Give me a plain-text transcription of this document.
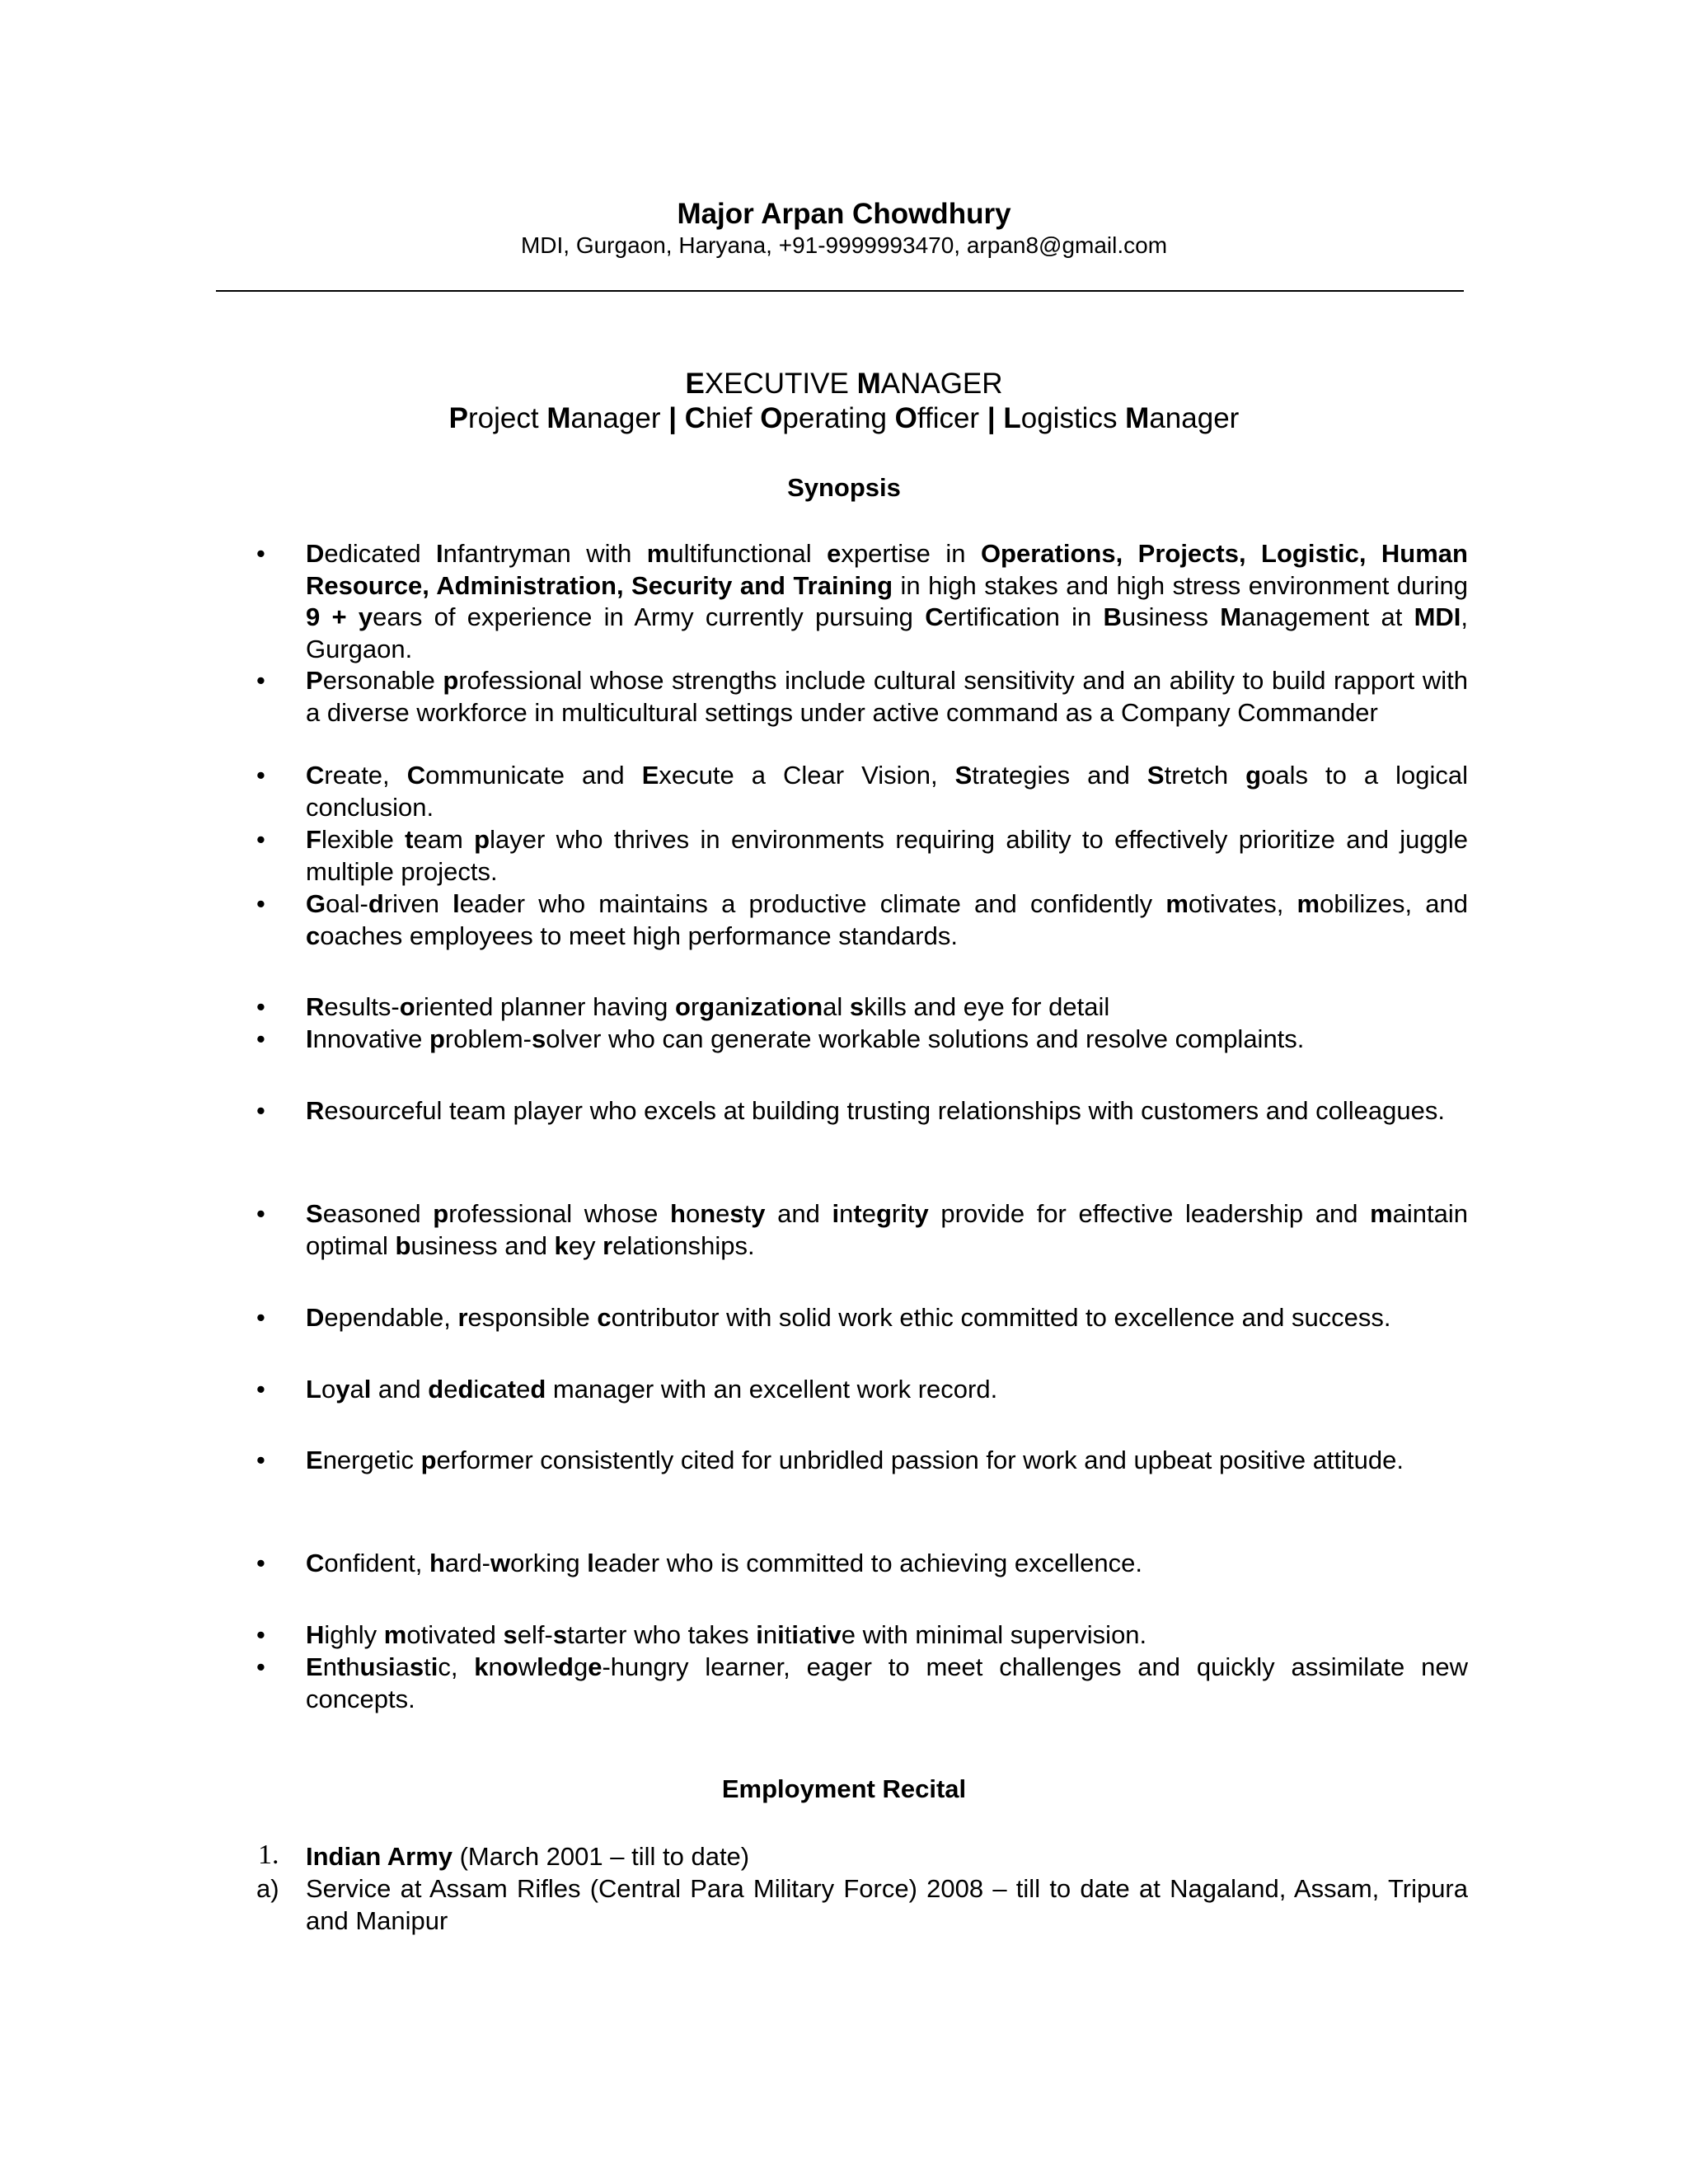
Major Arpan Chowdhury
MDI, Gurgaon, Haryana, +91-9999993470, arpan8@gmail.com
EXECUTIVE MANAGER
Project Manager | Chief Operating Officer | Logistics Manager
Synopsis
• Dedicated Infantryman with multifunctional expertise in Operations, Projects, Logistic, Human Resource, Administration, Security and Training in high stakes and high stress environment during 9 + years of experience in Army currently pursuing Certification in Business Management at MDI, Gurgaon.
• Personable professional whose strengths include cultural sensitivity and an ability to build rapport with a diverse workforce in multicultural settings under active command as a Company Commander
• Create, Communicate and Execute a Clear Vision, Strategies and Stretch goals to a logical conclusion.
• Flexible team player who thrives in environments requiring ability to effectively prioritize and juggle multiple projects.
• Goal-driven leader who maintains a productive climate and confidently motivates, mobilizes, and coaches employees to meet high performance standards.
• Results-oriented planner having organizational skills and eye for detail
• Innovative problem-solver who can generate workable solutions and resolve complaints.
• Resourceful team player who excels at building trusting relationships with customers and colleagues.
• Seasoned professional whose honesty and integrity provide for effective leadership and maintain optimal business and key relationships.
• Dependable, responsible contributor with solid work ethic committed to excellence and success.
• Loyal and dedicated manager with an excellent work record.
• Energetic performer consistently cited for unbridled passion for work and upbeat positive attitude.
• Confident, hard-working leader who is committed to achieving excellence.
• Highly motivated self-starter who takes initiative with minimal supervision.
• Enthusiastic, knowledge-hungry learner, eager to meet challenges and quickly assimilate new concepts.
Employment Recital
1. Indian Army (March 2001 – till to date)
a) Service at Assam Rifles (Central Para Military Force) 2008 – till to date at Nagaland, Assam, Tripura and Manipur
